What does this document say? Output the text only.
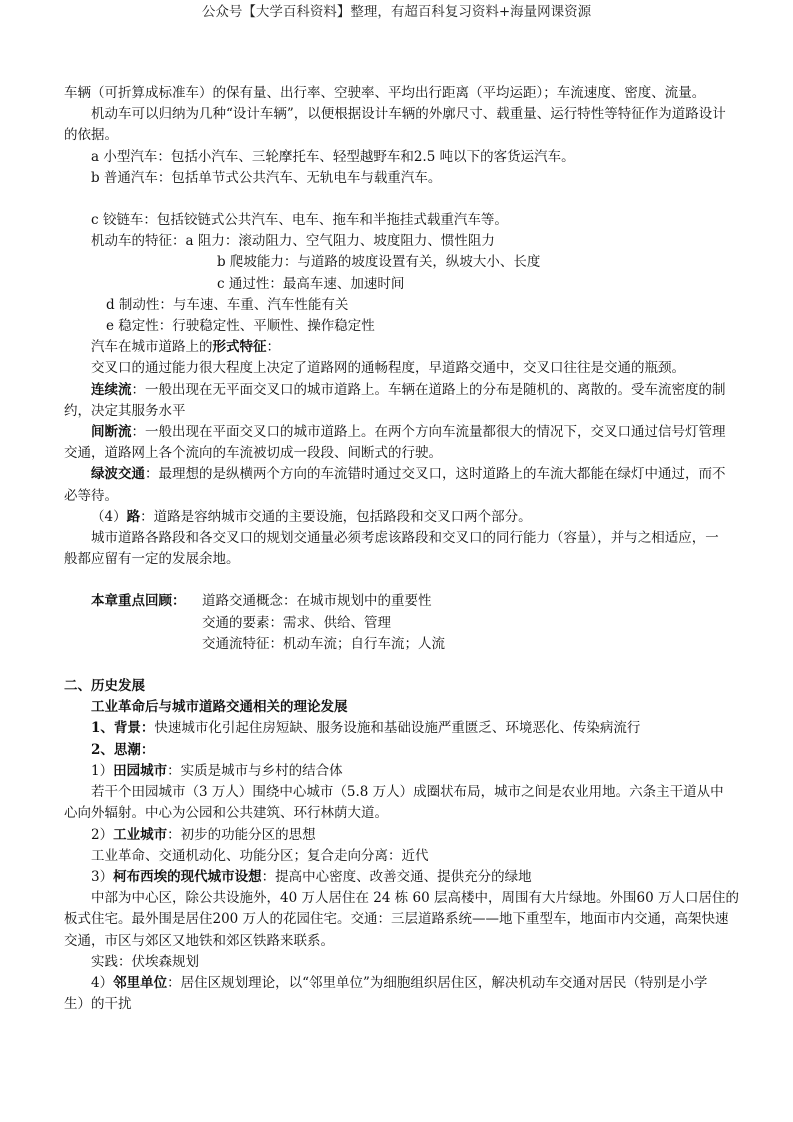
公众号【大学百科资料】整理，有超百科复习资料+海量网课资源
车辆（可折算成标准车）的保有量、出行率、空驶率、平均出行距离（平均运距）；车流速度、密度、流量。
机动车可以归纳为几种“设计车辆”，以便根据设计车辆的外廓尺寸、载重量、运行特性等特征作为道路设计
的依据。
a 小型汽车：包括小汽车、三轮摩托车、轻型越野车和2.5 吨以下的客货运汽车。
b 普通汽车：包括单节式公共汽车、无轨电车与载重汽车。
c 铰链车：包括铰链式公共汽车、电车、拖车和半拖挂式载重汽车等。
机动车的特征：a 阻力：滚动阻力、空气阻力、坡度阻力、惯性阻力
b 爬坡能力：与道路的坡度设置有关，纵坡大小、长度
c 通过性：最高车速、加速时间
d 制动性：与车速、车重、汽车性能有关
e 稳定性：行驶稳定性、平顺性、操作稳定性
汽车在城市道路上的形式特征：
交叉口的通过能力很大程度上决定了道路网的通畅程度，早道路交通中，交叉口往往是交通的瓶颈。
连续流：一般出现在无平面交叉口的城市道路上。车辆在道路上的分布是随机的、离散的。受车流密度的制
约，决定其服务水平
间断流：一般出现在平面交叉口的城市道路上。在两个方向车流量都很大的情况下，交叉口通过信号灯管理
交通，道路网上各个流向的车流被切成一段段、间断式的行驶。
绿波交通：最理想的是纵横两个方向的车流错时通过交叉口，这时道路上的车流大都能在绿灯中通过，而不
必等待。
（4）路：道路是容纳城市交通的主要设施，包括路段和交叉口两个部分。
城市道路各路段和各交叉口的规划交通量必须考虑该路段和交叉口的同行能力（容量），并与之相适应，一
般都应留有一定的发展余地。
本章重点回顾：	道路交通概念：在城市规划中的重要性
交通的要素：需求、供给、管理
交通流特征：机动车流；自行车流；人流
二、历史发展
工业革命后与城市道路交通相关的理论发展
1、背景：快速城市化引起住房短缺、服务设施和基础设施严重匮乏、环境恶化、传染病流行
2、思潮：
1）田园城市：实质是城市与乡村的结合体
若干个田园城市（3 万人）围绕中心城市（5.8 万人）成圈状布局，城市之间是农业用地。六条主干道从中
心向外辐射。中心为公园和公共建筑、环行林荫大道。
2）工业城市：初步的功能分区的思想
工业革命、交通机动化、功能分区；复合走向分离：近代
3）柯布西埃的现代城市设想：提高中心密度、改善交通、提供充分的绿地
中部为中心区，除公共设施外，40 万人居住在 24 栋 60 层高楼中，周围有大片绿地。外围60 万人口居住的
板式住宅。最外围是居住200 万人的花园住宅。交通：三层道路系统——地下重型车，地面市内交通，高架快速
交通，市区与郊区又地铁和郊区铁路来联系。
实践：伏埃森规划
4）邻里单位：居住区规划理论，以“邻里单位”为细胞组织居住区，解决机动车交通对居民（特别是小学
生）的干扰
